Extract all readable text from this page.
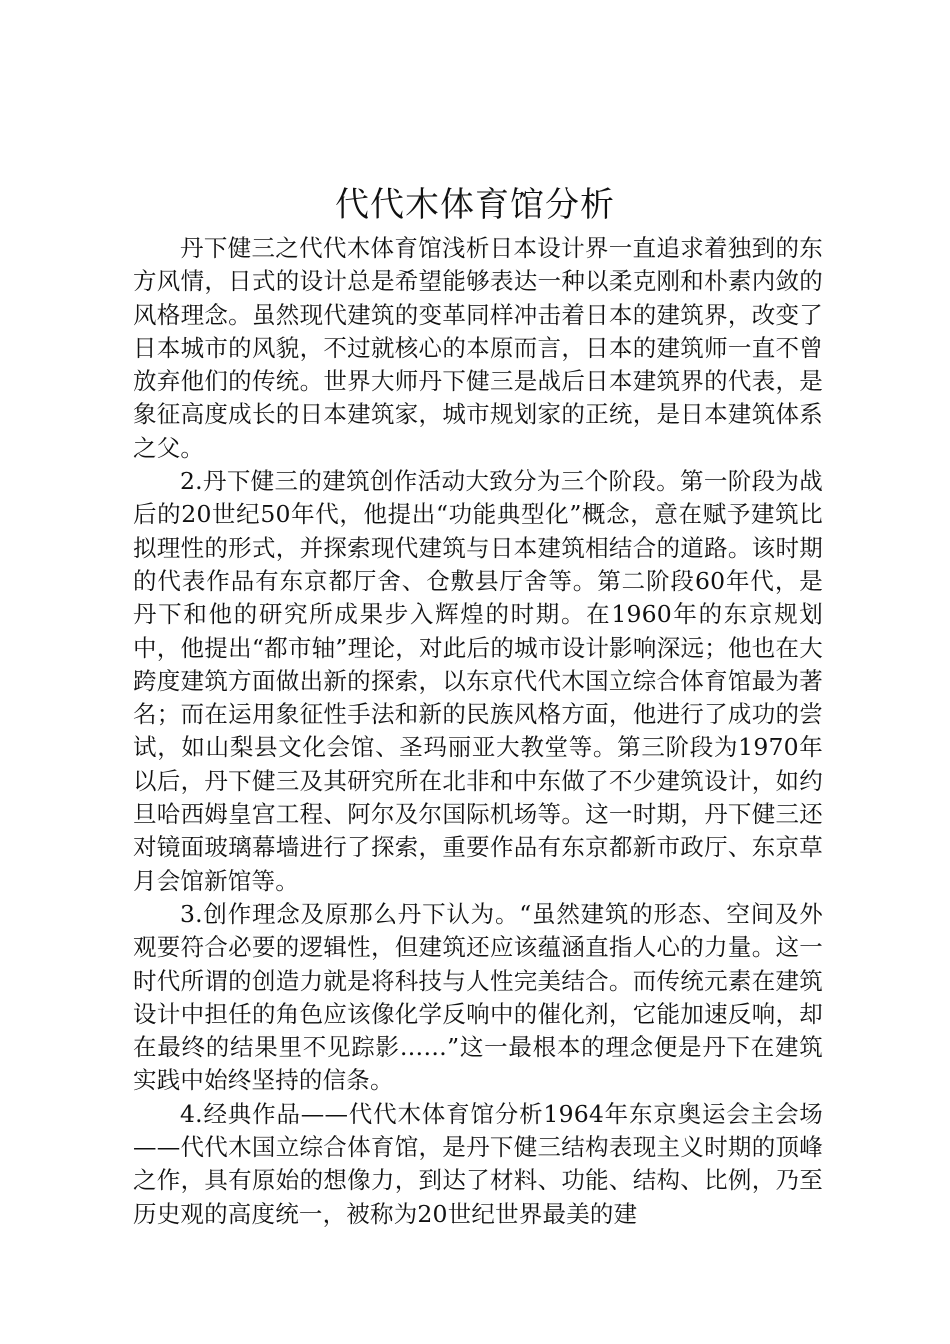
代代木体育馆分析

丹下健三之代代木体育馆浅析日本设计界一直追求着独到的东方风情，日式的设计总是希望能够表达一种以柔克刚和朴素内敛的风格理念。虽然现代建筑的变革同样冲击着日本的建筑界，改变了日本城市的风貌，不过就核心的本原而言，日本的建筑师一直不曾放弃他们的传统。世界大师丹下健三是战后日本建筑界的代表，是象征高度成长的日本建筑家，城市规划家的正统，是日本建筑体系之父。

2.丹下健三的建筑创作活动大致分为三个阶段。第一阶段为战后的20世纪50年代，他提出“功能典型化”概念，意在赋予建筑比拟理性的形式，并探索现代建筑与日本建筑相结合的道路。该时期的代表作品有东京都厅舍、仓敷县厅舍等。第二阶段60年代，是丹下和他的研究所成果步入辉煌的时期。在1960年的东京规划中，他提出“都市轴”理论，对此后的城市设计影响深远；他也在大跨度建筑方面做出新的探索，以东京代代木国立综合体育馆最为著名；而在运用象征性手法和新的民族风格方面，他进行了成功的尝试，如山梨县文化会馆、圣玛丽亚大教堂等。第三阶段为1970年以后，丹下健三及其研究所在北非和中东做了不少建筑设计，如约旦哈西姆皇宫工程、阿尔及尔国际机场等。这一时期，丹下健三还对镜面玻璃幕墙进行了探索，重要作品有东京都新市政厅、东京草月会馆新馆等。

3.创作理念及原那么丹下认为。“虽然建筑的形态、空间及外观要符合必要的逻辑性，但建筑还应该蕴涵直指人心的力量。这一时代所谓的创造力就是将科技与人性完美结合。而传统元素在建筑设计中担任的角色应该像化学反响中的催化剂，它能加速反响，却在最终的结果里不见踪影……”这一最根本的理念便是丹下在建筑实践中始终坚持的信条。

4.经典作品——代代木体育馆分析1964年东京奥运会主会场——代代木国立综合体育馆，是丹下健三结构表现主义时期的顶峰之作，具有原始的想像力，到达了材料、功能、结构、比例，乃至历史观的高度统一，被称为20世纪世界最美的建
